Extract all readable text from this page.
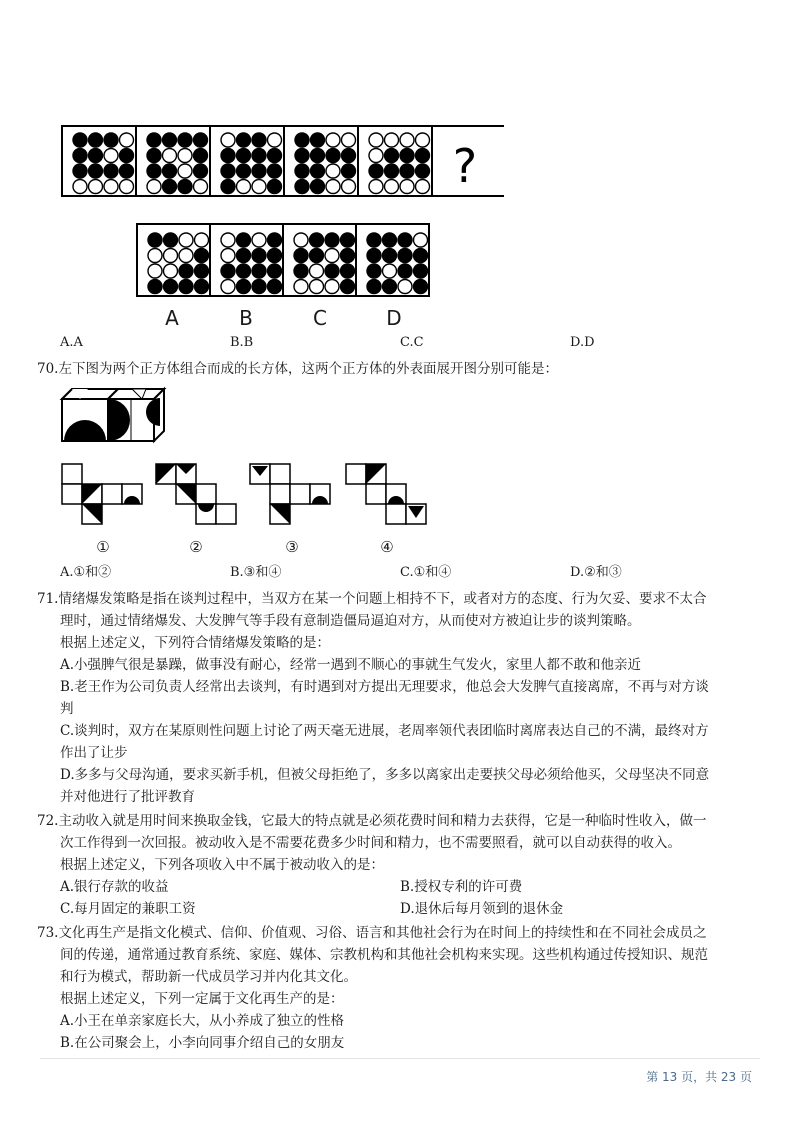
?
A	B	C	D
A.A	B.B	C.C	D.D
70.左下图为两个正方体组合而成的长方体，这两个正方体的外表面展开图分别可能是：
①	②	③	④
A.①和②	B.③和④	C.①和④	D.②和③
71.情绪爆发策略是指在谈判过程中，当双方在某一个问题上相持不下，或者对方的态度、行为欠妥、要求不太合
理时，通过情绪爆发、大发脾气等手段有意制造僵局逼迫对方，从而使对方被迫让步的谈判策略。
根据上述定义，下列符合情绪爆发策略的是：
A.小强脾气很是暴躁，做事没有耐心，经常一遇到不顺心的事就生气发火，家里人都不敢和他亲近
B.老王作为公司负责人经常出去谈判，有时遇到对方提出无理要求，他总会大发脾气直接离席，不再与对方谈
判
C.谈判时，双方在某原则性问题上讨论了两天毫无进展，老周率领代表团临时离席表达自己的不满，最终对方
作出了让步
D.多多与父母沟通，要求买新手机，但被父母拒绝了，多多以离家出走要挟父母必须给他买，父母坚决不同意
并对他进行了批评教育
72.主动收入就是用时间来换取金钱，它最大的特点就是必须花费时间和精力去获得，它是一种临时性收入，做一
次工作得到一次回报。被动收入是不需要花费多少时间和精力，也不需要照看，就可以自动获得的收入。
根据上述定义，下列各项收入中不属于被动收入的是：
A.银行存款的收益	B.授权专利的许可费
C.每月固定的兼职工资	D.退休后每月领到的退休金
73.文化再生产是指文化模式、信仰、价值观、习俗、语言和其他社会行为在时间上的持续性和在不同社会成员之
间的传递，通常通过教育系统、家庭、媒体、宗教机构和其他社会机构来实现。这些机构通过传授知识、规范
和行为模式，帮助新一代成员学习并内化其文化。
根据上述定义，下列一定属于文化再生产的是：
A.小王在单亲家庭长大，从小养成了独立的性格
B.在公司聚会上，小李向同事介绍自己的女朋友
第 13 页，共 23 页
